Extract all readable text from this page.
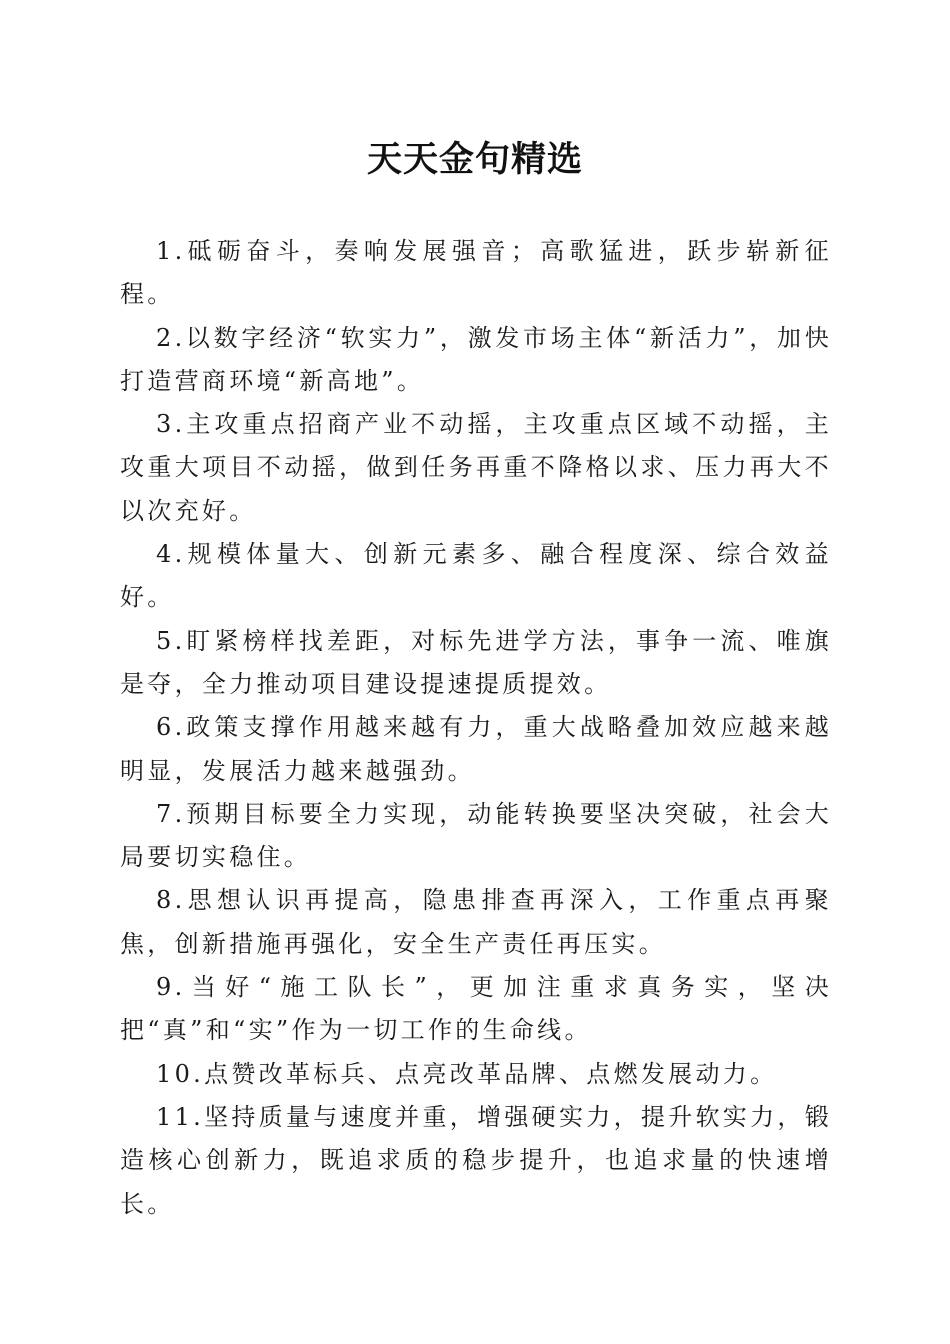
天天金句精选

1.砥砺奋斗，奏响发展强音；高歌猛进，跃步崭新征程。

2.以数字经济“软实力”，激发市场主体“新活力”，加快打造营商环境“新高地”。

3.主攻重点招商产业不动摇，主攻重点区域不动摇，主攻重大项目不动摇，做到任务再重不降格以求、压力再大不以次充好。

4.规模体量大、创新元素多、融合程度深、综合效益好。

5.盯紧榜样找差距，对标先进学方法，事争一流、唯旗是夺，全力推动项目建设提速提质提效。

6.政策支撑作用越来越有力，重大战略叠加效应越来越明显，发展活力越来越强劲。

7.预期目标要全力实现，动能转换要坚决突破，社会大局要切实稳住。

8.思想认识再提高，隐患排查再深入，工作重点再聚焦，创新措施再强化，安全生产责任再压实。

9.当好“施工队长”，更加注重求真务实，坚决把“真”和“实”作为一切工作的生命线。

10.点赞改革标兵、点亮改革品牌、点燃发展动力。

11.坚持质量与速度并重，增强硬实力，提升软实力，锻造核心创新力，既追求质的稳步提升，也追求量的快速增长。
